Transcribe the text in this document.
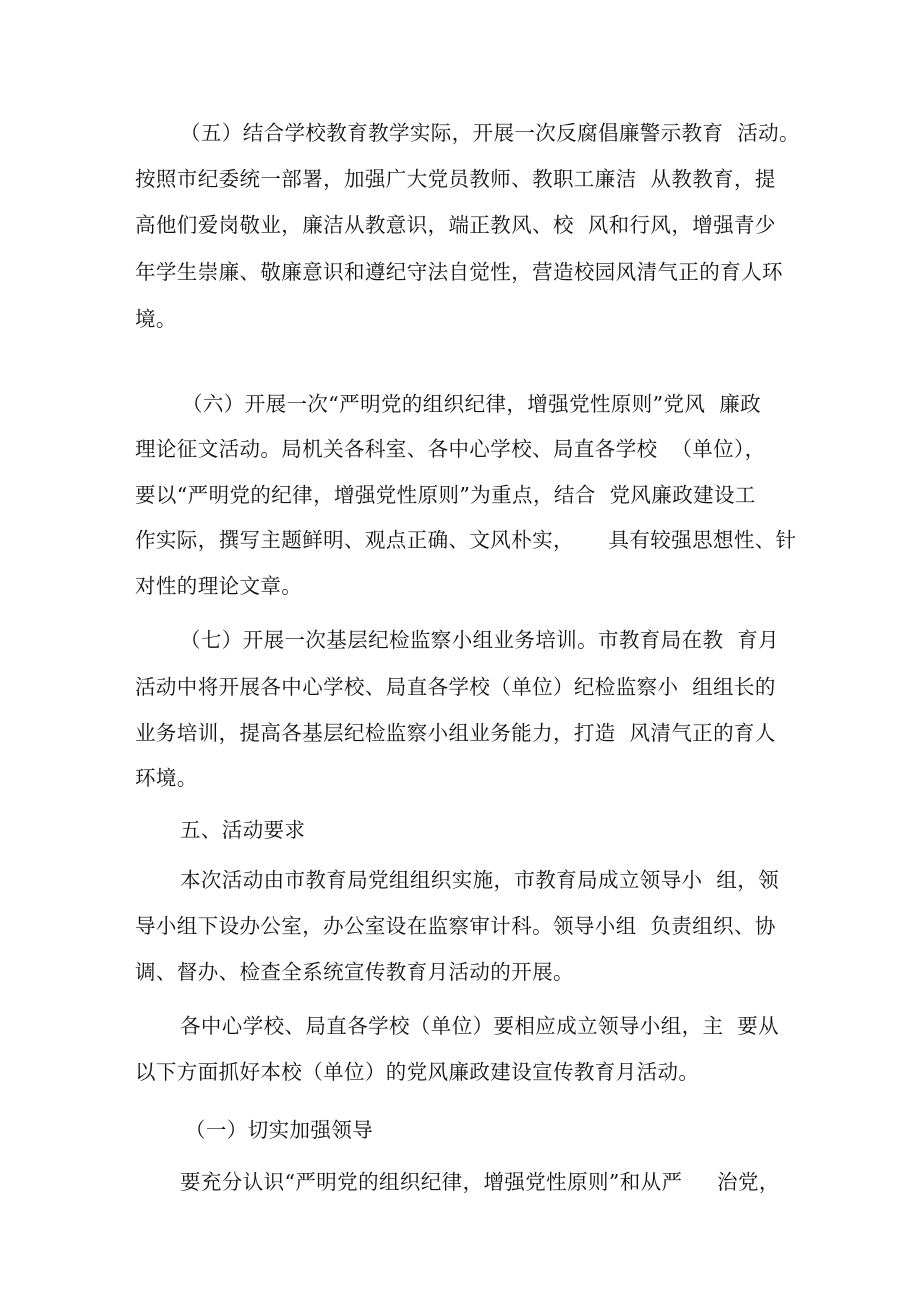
（五）结合学校教育教学实际，开展一次反腐倡廉警示教育  活动。
按照市纪委统一部署，加强广大党员教师、教职工廉洁  从教教育，提
高他们爱岗敬业，廉洁从教意识，端正教风、校  风和行风，增强青少
年学生崇廉、敬廉意识和遵纪守法自觉性，营造校园风清气正的育人环
境。
（六）开展一次“严明党的组织纪律，增强党性原则”党风  廉政
理论征文活动。局机关各科室、各中心学校、局直各学校  （单位），
要以“严明党的纪律，增强党性原则”为重点，结合  党风廉政建设工
作实际，撰写主题鲜明、观点正确、文风朴实，     具有较强思想性、针
对性的理论文章。
（七）开展一次基层纪检监察小组业务培训。市教育局在教  育月
活动中将开展各中心学校、局直各学校（单位）纪检监察小  组组长的
业务培训，提高各基层纪检监察小组业务能力，打造  风清气正的育人
环境。
五、活动要求
本次活动由市教育局党组组织实施，市教育局成立领导小  组，领
导小组下设办公室，办公室设在监察审计科。领导小组  负责组织、协
调、督办、检查全系统宣传教育月活动的开展。
各中心学校、局直各学校（单位）要相应成立领导小组，主  要从
以下方面抓好本校（单位）的党风廉政建设宣传教育月活动。
（一）切实加强领导
要充分认识“严明党的组织纪律，增强党性原则”和从严     治党，
